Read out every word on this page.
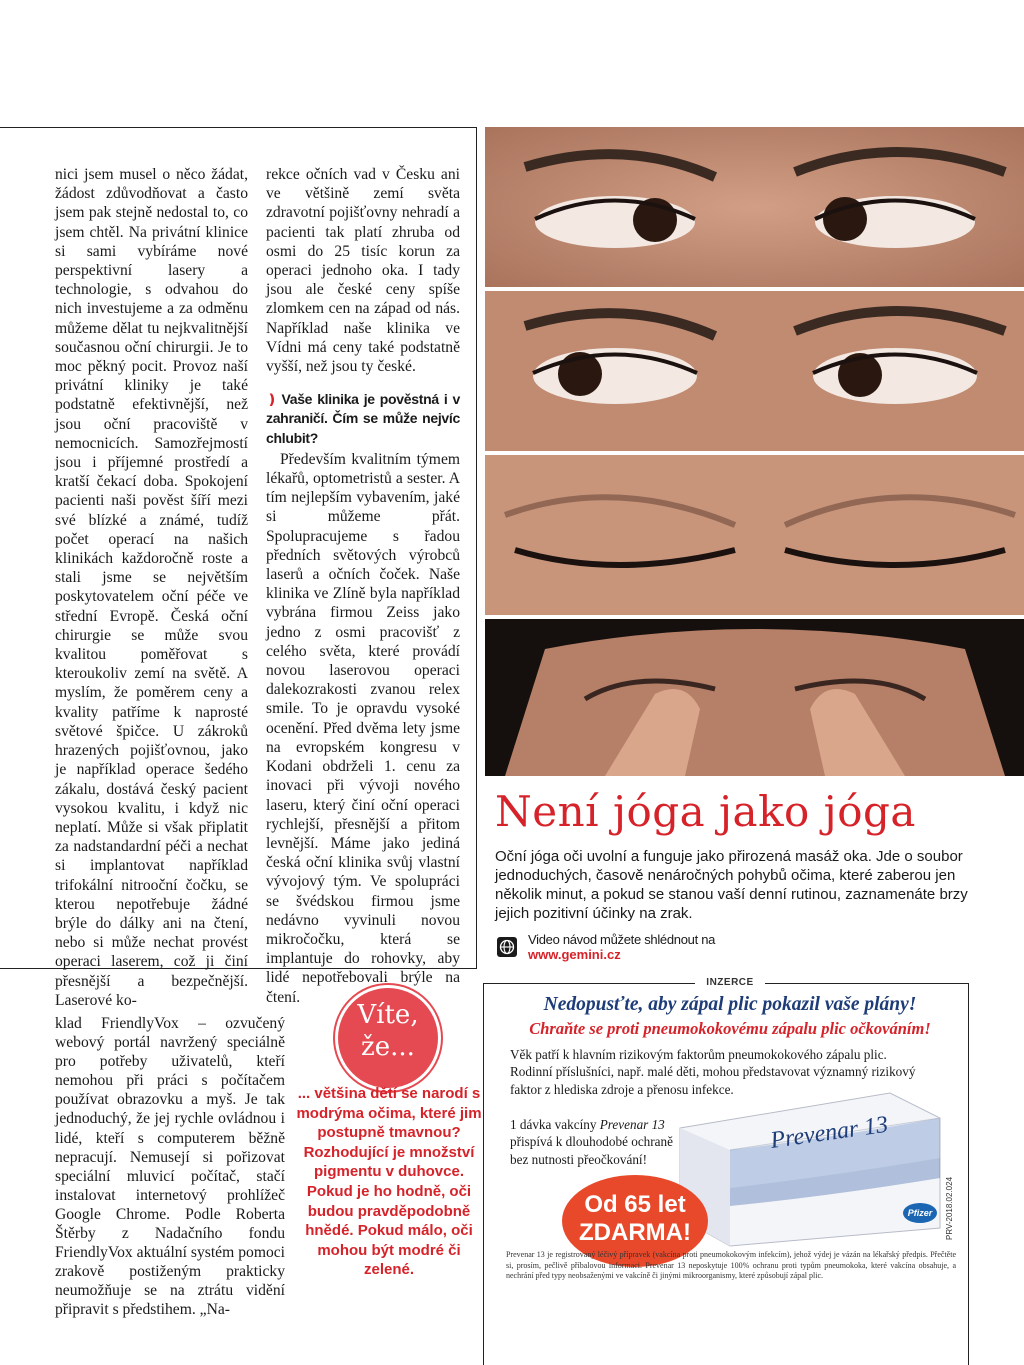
nici jsem musel o něco žádat, žádost zdůvodňovat a často jsem pak stejně nedostal to, co jsem chtěl. Na privátní klinice si sami vybíráme nové perspektivní lasery a technologie, s odvahou do nich investujeme a za odměnu můžeme dělat tu nejkvalitnější současnou oční chirurgii. Je to moc pěkný pocit. Provoz naší privátní kliniky je také podstatně efektivnější, než jsou oční pracoviště v nemocnicích. Samozřejmostí jsou i příjemné prostředí a kratší čekací doba. Spokojení pacienti naši pověst šíří mezi své blízké a známé, tudíž počet operací na našich klinikách každoročně roste a stali jsme se největším poskytovatelem oční péče ve střední Evropě. Česká oční chirurgie se může svou kvalitou poměřovat s kteroukoliv zemí na světě. A myslím, že poměrem ceny a kvality patříme k naprosté světové špičce. U zákroků hrazených pojišťovnou, jako je například operace šedého zákalu, dostává český pacient vysokou kvalitu, i když nic neplatí. Může si však připlatit za nadstandardní péči a nechat si implantovat například trifokální nitrooční čočku, se kterou nepotřebuje žádné brýle do dálky ani na čtení, nebo si může nechat provést operaci laserem, což ji činí přesnější a bezpečnější. Laserové ko-

rekce očních vad v Česku ani ve většině zemí světa zdravotní pojišťovny nehradí a pacienti tak platí zhruba od osmi do 25 tisíc korun za operaci jednoho oka. I tady jsou ale české ceny spíše zlomkem cen na západ od nás. Například naše klinika ve Vídni má ceny také podstatně vyšší, než jsou ty české.

❫ Vaše klinika je pověstná i v zahraničí. Čím se může nejvíc chlubit?

Především kvalitním týmem lékařů, optometristů a sester. A tím nejlepším vybavením, jaké si můžeme přát. Spolupracujeme s řadou předních světových výrobců laserů a očních čoček. Naše klinika ve Zlíně byla například vybrána firmou Zeiss jako jedno z osmi pracovišť z celého světa, které provádí novou laserovou operaci dalekozrakosti zvanou relex smile. To je opravdu vysoké ocenění. Před dvěma lety jsme na evropském kongresu v Kodani obdrželi 1. cenu za inovaci při vývoji nového laseru, který činí oční operaci rychlejší, přesnější a přitom levnější. Máme jako jediná česká oční klinika svůj vlastní vývojový tým. Ve spolupráci se švédskou firmou jsme nedávno vyvinuli novou mikročočku, která se implantuje do rohovky, aby lidé nepotřebovali brýle na čtení.

Není jóga jako jóga
Oční jóga oči uvolní a funguje jako přirozená masáž oka. Jde o soubor jednoduchých, časově nenáročných pohybů očima, které zaberou jen několik minut, a pokud se stanou vaší denní rutinou, zaznamenáte brzy jejich pozitivní účinky na zrak.
Video návod můžete shlédnout na
www.gemini.cz

klad FriendlyVox – ozvučený webový portál navržený speciálně pro potřeby uživatelů, kteří nemohou při práci s počítačem používat obrazovku a myš. Je tak jednoduchý, že jej rychle ovládnou i lidé, kteří s computerem běžně nepracují. Nemusejí si pořizovat speciální mluvicí počítač, stačí instalovat internetový prohlížeč Google Chrome. Podle Roberta Štěrby z Nadačního fondu FriendlyVox aktuální systém pomoci zrakově postiženým prakticky neumožňuje se na ztrátu vidění připravit s předstihem. „Na-

Víte,
že...
... většina dětí se narodí s modrýma očima, které jim postupně tmavnou? Rozhodující je množství pigmentu v duhovce. Pokud je ho hodně, oči budou pravděpodobně hnědé. Pokud málo, oči mohou být modré či zelené.
INZERCE
Nedopusťte, aby zápal plic pokazil vaše plány!
Chraňte se proti pneumokokovému zápalu plic očkováním!
Věk patří k hlavním rizikovým faktorům pneumokokového zápalu plic. Rodinní příslušníci, např. malé děti, mohou představovat významný rizikový faktor z hlediska zdroje a přenosu infekce.
1 dávka vakcíny Prevenar 13 přispívá k dlouhodobé ochraně bez nutnosti přeočkování!
Prevenar 13
Pfizer
Od 65 let
ZDARMA!	PRV-2018.02.024
Prevenar 13 je registrovaný léčivý přípravek (vakcína proti pneumokokovým infekcím), jehož výdej je vázán na lékařský předpis. Přečtěte si, prosím, pečlivě příbalovou informaci. Prevenar 13 neposkytuje 100% ochranu proti typům pneumokoka, které vakcína obsahuje, a nechrání před typy neobsaženými ve vakcíně či jinými mikroorganismy, které způsobují zápal plic.
